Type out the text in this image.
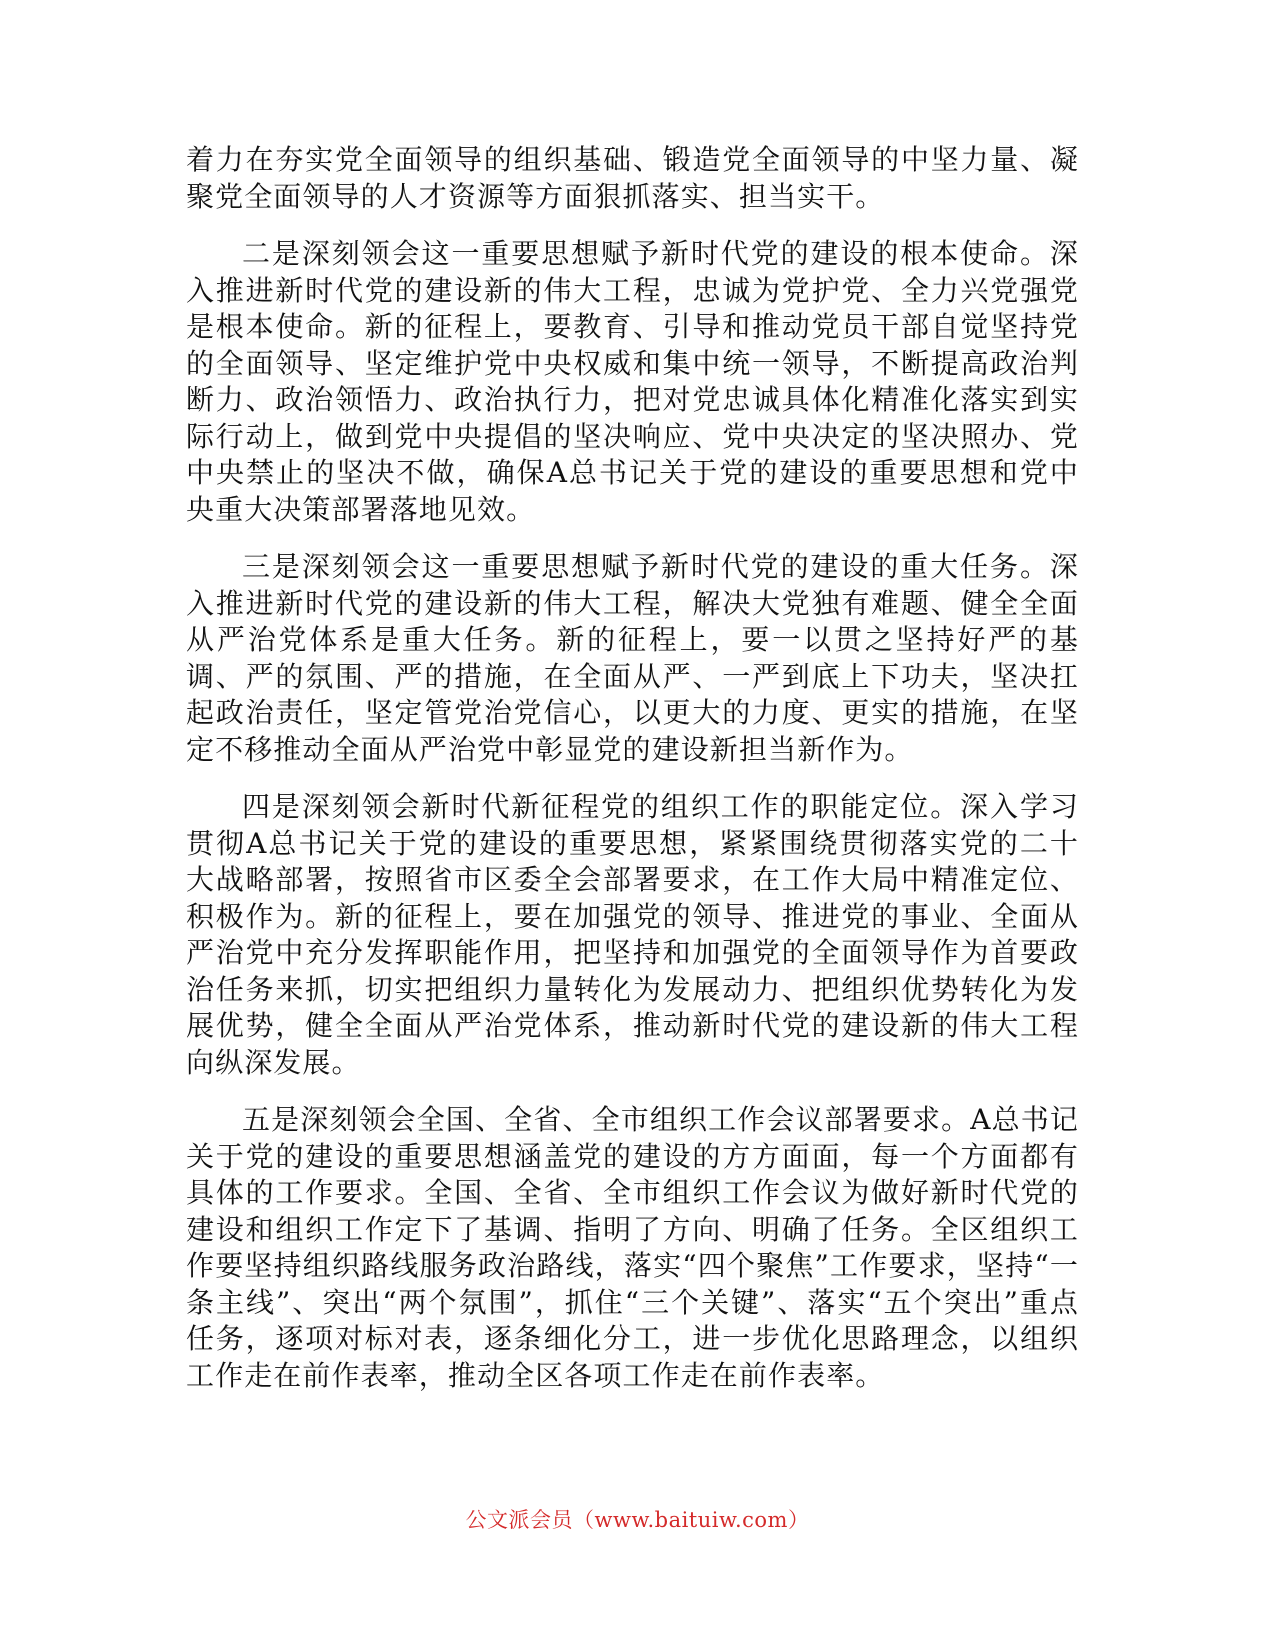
着力在夯实党全面领导的组织基础、锻造党全面领导的中坚力量、凝聚党全面领导的人才资源等方面狠抓落实、担当实干。

二是深刻领会这一重要思想赋予新时代党的建设的根本使命。深入推进新时代党的建设新的伟大工程，忠诚为党护党、全力兴党强党是根本使命。新的征程上，要教育、引导和推动党员干部自觉坚持党的全面领导、坚定维护党中央权威和集中统一领导，不断提高政治判断力、政治领悟力、政治执行力，把对党忠诚具体化精准化落实到实际行动上，做到党中央提倡的坚决响应、党中央决定的坚决照办、党中央禁止的坚决不做，确保A总书记关于党的建设的重要思想和党中央重大决策部署落地见效。

三是深刻领会这一重要思想赋予新时代党的建设的重大任务。深入推进新时代党的建设新的伟大工程，解决大党独有难题、健全全面从严治党体系是重大任务。新的征程上，要一以贯之坚持好严的基调、严的氛围、严的措施，在全面从严、一严到底上下功夫，坚决扛起政治责任，坚定管党治党信心，以更大的力度、更实的措施，在坚定不移推动全面从严治党中彰显党的建设新担当新作为。

四是深刻领会新时代新征程党的组织工作的职能定位。深入学习贯彻A总书记关于党的建设的重要思想，紧紧围绕贯彻落实党的二十大战略部署，按照省市区委全会部署要求，在工作大局中精准定位、积极作为。新的征程上，要在加强党的领导、推进党的事业、全面从严治党中充分发挥职能作用，把坚持和加强党的全面领导作为首要政治任务来抓，切实把组织力量转化为发展动力、把组织优势转化为发展优势，健全全面从严治党体系，推动新时代党的建设新的伟大工程向纵深发展。

五是深刻领会全国、全省、全市组织工作会议部署要求。A总书记关于党的建设的重要思想涵盖党的建设的方方面面，每一个方面都有具体的工作要求。全国、全省、全市组织工作会议为做好新时代党的建设和组织工作定下了基调、指明了方向、明确了任务。全区组织工作要坚持组织路线服务政治路线，落实“四个聚焦”工作要求，坚持“一条主线”、突出“两个氛围”，抓住“三个关键”、落实“五个突出”重点任务，逐项对标对表，逐条细化分工，进一步优化思路理念，以组织工作走在前作表率，推动全区各项工作走在前作表率。

公文派会员（www.baituiw.com）
